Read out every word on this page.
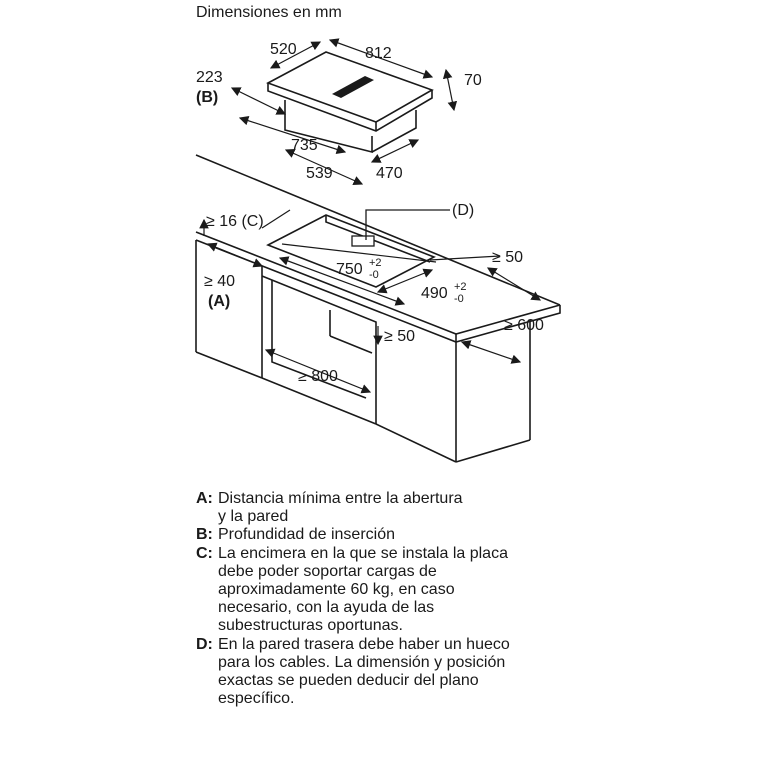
Dimensiones en mm
812
520
70
223
(B)
735
539	470
(D)
≥ 16 (C)
750 +2
-0
490 +2
-0
≥ 50
≥ 40
(A)
≥ 600
≥ 50
≥ 800
A: Distancia mínima entre la abertura
y la pared
B: Profundidad de inserción
C: La encimera en la que se instala la placa
debe poder soportar cargas de
aproximadamente 60 kg, en caso
necesario, con la ayuda de las
subestructuras oportunas.
D: En la pared trasera debe haber un hueco
para los cables. La dimensión y posición
exactas se pueden deducir del plano
específico.
